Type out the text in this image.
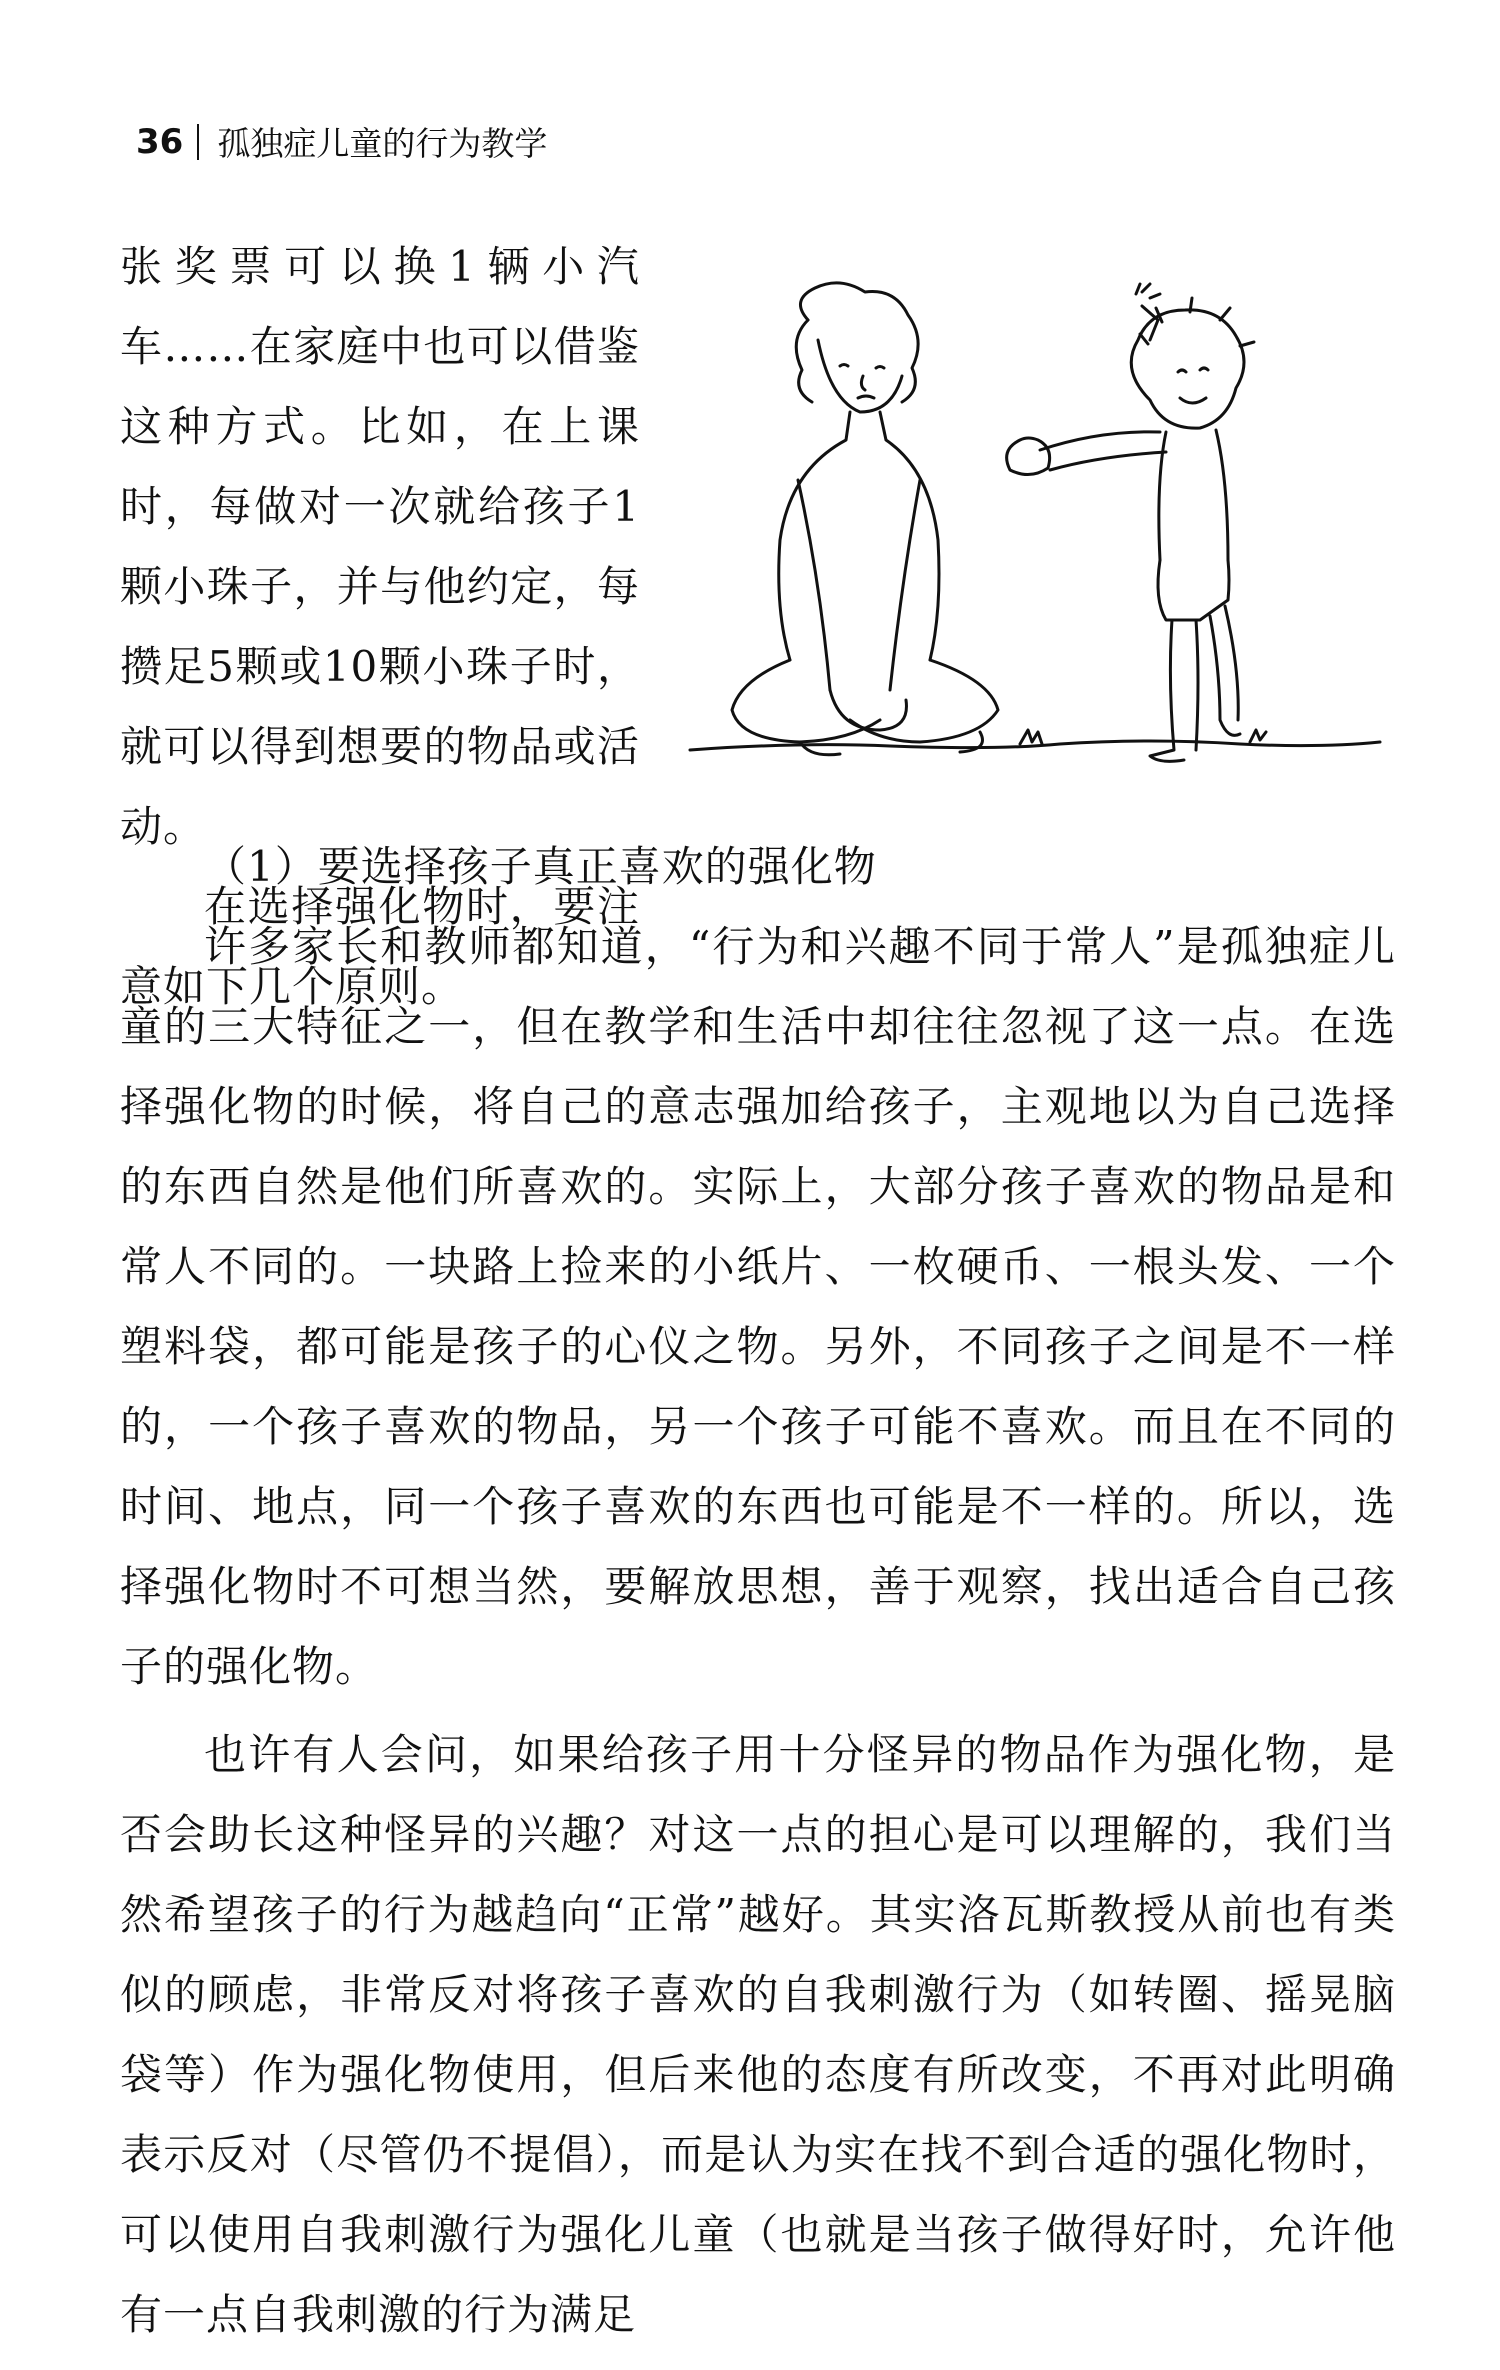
36 孤独症儿童的行为教学

张奖票可以换1辆小汽车……在家庭中也可以借鉴这种方式。比如，在上课时，每做对一次就给孩子1颗小珠子，并与他约定，每攒足5颗或10颗小珠子时，就可以得到想要的物品或活动。

在选择强化物时，要注意如下几个原则。

（1）要选择孩子真正喜欢的强化物

许多家长和教师都知道，“行为和兴趣不同于常人”是孤独症儿童的三大特征之一，但在教学和生活中却往往忽视了这一点。在选择强化物的时候，将自己的意志强加给孩子，主观地以为自己选择的东西自然是他们所喜欢的。实际上，大部分孩子喜欢的物品是和常人不同的。一块路上捡来的小纸片、一枚硬币、一根头发、一个塑料袋，都可能是孩子的心仪之物。另外，不同孩子之间是不一样的，一个孩子喜欢的物品，另一个孩子可能不喜欢。而且在不同的时间、地点，同一个孩子喜欢的东西也可能是不一样的。所以，选择强化物时不可想当然，要解放思想，善于观察，找出适合自己孩子的强化物。

也许有人会问，如果给孩子用十分怪异的物品作为强化物，是否会助长这种怪异的兴趣？对这一点的担心是可以理解的，我们当然希望孩子的行为越趋向“正常”越好。其实洛瓦斯教授从前也有类似的顾虑，非常反对将孩子喜欢的自我刺激行为（如转圈、摇晃脑袋等）作为强化物使用，但后来他的态度有所改变，不再对此明确表示反对（尽管仍不提倡），而是认为实在找不到合适的强化物时，可以使用自我刺激行为强化儿童（也就是当孩子做得好时，允许他有一点自我刺激的行为满足
